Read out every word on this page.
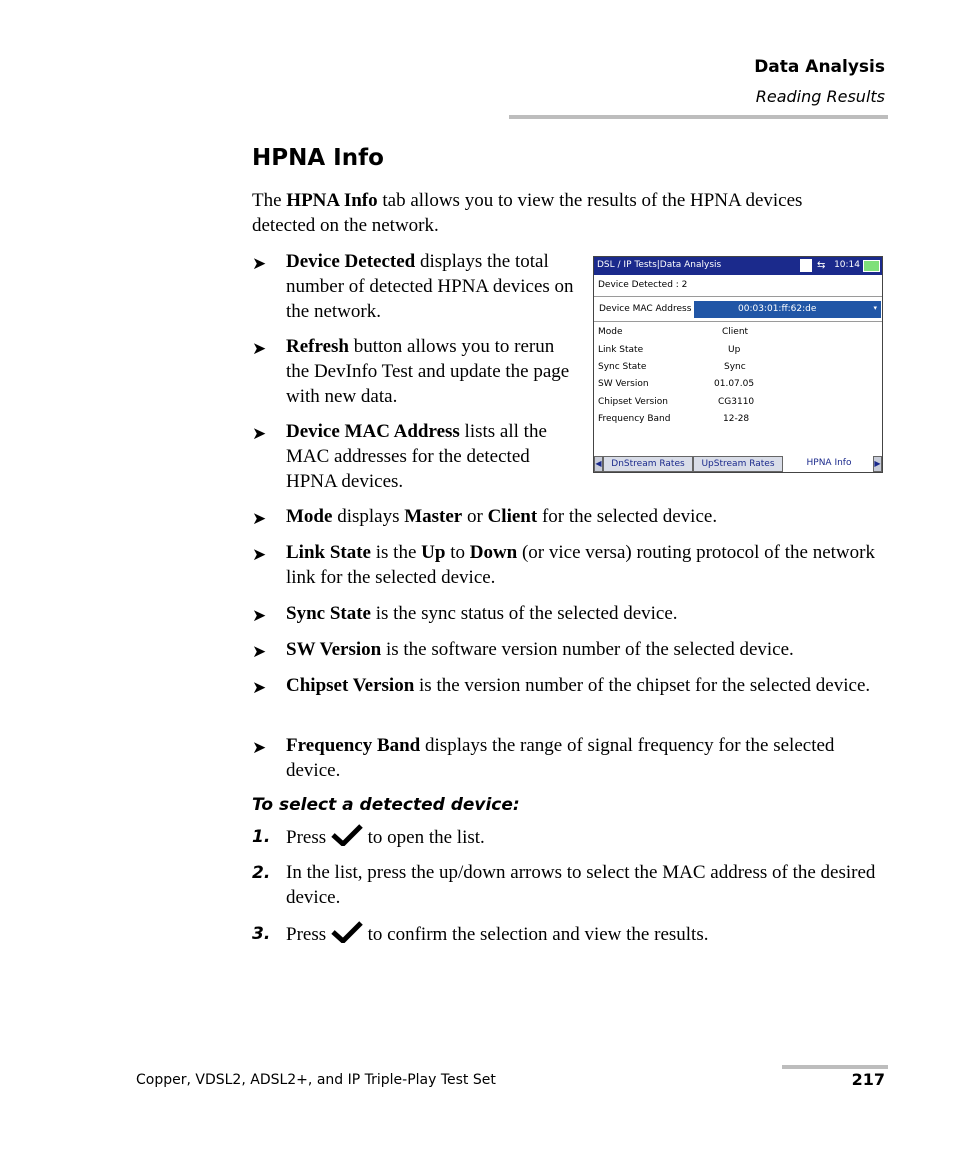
Data Analysis
Reading Results
HPNA Info
The HPNA Info tab allows you to view the results of the HPNA devices detected on the network.
➤ Device Detected displays the total number of detected HPNA devices on the network.
➤ Refresh button allows you to rerun the DevInfo Test and update the page with new data.
➤ Device MAC Address lists all the MAC addresses for the detected HPNA devices.
DSL / IP Tests|Data Analysis	⇆ 10:14
Device Detected : 2
Device MAC Address	00:03:01:ff:62:de	▾
Mode	Client
Link State	Up
Sync State	Sync
SW Version	01.07.05
Chipset Version	CG3110
Frequency Band	12-28
◀	DnStream Rates	UpStream Rates	HPNA Info	▶
➤ Mode displays Master or Client for the selected device.
➤ Link State is the Up to Down (or vice versa) routing protocol of the network link for the selected device.
➤ Sync State is the sync status of the selected device.
➤ SW Version is the software version number of the selected device.
➤ Chipset Version is the version number of the chipset for the selected device.
➤ Frequency Band displays the range of signal frequency for the selected device.
To select a detected device:
1. Press  to open the list.
2. In the list, press the up/down arrows to select the MAC address of the desired device.
3. Press  to confirm the selection and view the results.
Copper, VDSL2, ADSL2+, and IP Triple-Play Test Set	217
